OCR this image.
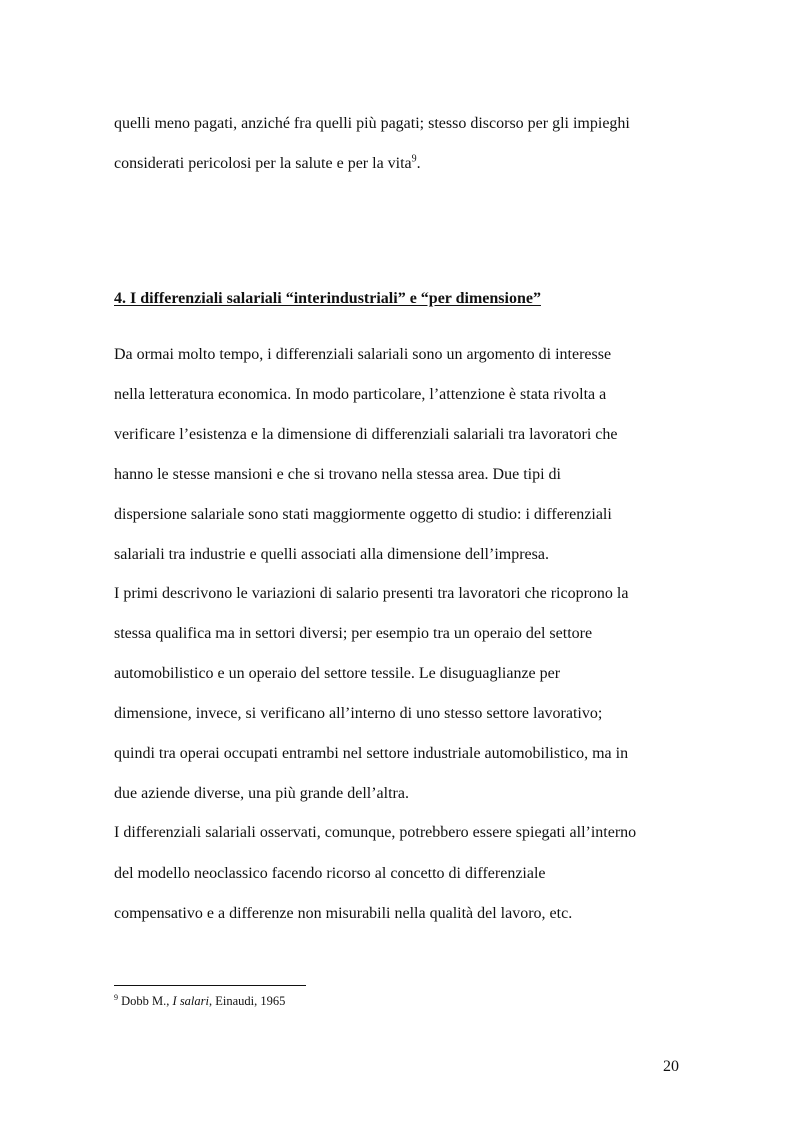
quelli meno pagati, anziché fra quelli più pagati; stesso discorso per gli impieghi

considerati pericolosi per la salute e per la vita$^9$.

4. I differenziali salariali “interindustriali” e “per dimensione”

Da ormai molto tempo, i differenziali salariali sono un argomento di interesse

nella letteratura economica. In modo particolare, l’attenzione è stata rivolta a

verificare l’esistenza e la dimensione di differenziali salariali tra lavoratori che

hanno le stesse mansioni e che si trovano nella stessa area. Due tipi di

dispersione salariale sono stati maggiormente oggetto di studio: i differenziali

salariali tra industrie e quelli associati alla dimensione dell’impresa.

I primi descrivono le variazioni di salario presenti tra lavoratori che ricoprono la

stessa qualifica ma in settori diversi; per esempio tra un operaio del settore

automobilistico e un operaio del settore tessile. Le disuguaglianze per

dimensione, invece, si verificano all’interno di uno stesso settore lavorativo;

quindi tra operai occupati entrambi nel settore industriale automobilistico, ma in

due aziende diverse, una più grande dell’altra.

I differenziali salariali osservati, comunque, potrebbero essere spiegati all’interno

del modello neoclassico facendo ricorso al concetto di differenziale

compensativo e a differenze non misurabili nella qualità del lavoro, etc.

$^9$ Dobb M., I salari, Einaudi, 1965

20
